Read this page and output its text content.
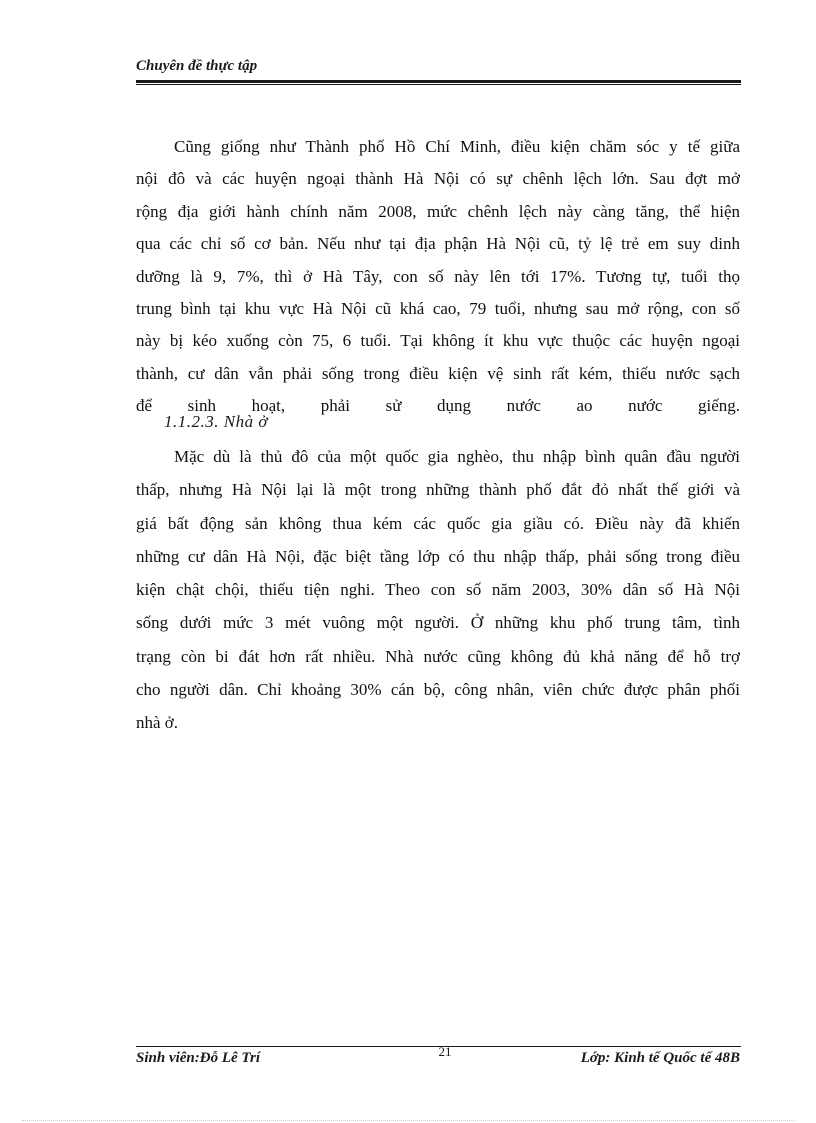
Chuyên đề thực tập
Cũng giống như Thành phố Hồ Chí Minh, điều kiện chăm sóc y tế giữa
nội đô và các huyện ngoại thành Hà Nội có sự chênh lệch lớn. Sau đợt mở
rộng địa giới hành chính năm 2008, mức chênh lệch này càng tăng, thể hiện
qua các chỉ số cơ bản. Nếu như tại địa phận Hà Nội cũ, tỷ lệ trẻ em suy dinh
dưỡng là 9, 7%, thì ở Hà Tây, con số này lên tới 17%. Tương tự, tuổi thọ
trung bình tại khu vực Hà Nội cũ khá cao, 79 tuổi, nhưng sau mở rộng, con số
này bị kéo xuống còn 75, 6 tuổi. Tại không ít khu vực thuộc các huyện ngoại
thành, cư dân vẫn phải sống trong điều kiện vệ sinh rất kém, thiếu nước sạch
để sinh hoạt, phải sử dụng nước ao nước giếng.
1.1.2.3. Nhà ở
Mặc dù là thủ đô của một quốc gia nghèo, thu nhập bình quân đầu người
thấp, nhưng Hà Nội lại là một trong những thành phố đắt đỏ nhất thế giới và
giá bất động sản không thua kém các quốc gia giầu có. Điều này đã khiến
những cư dân Hà Nội, đặc biệt tầng lớp có thu nhập thấp, phải sống trong điều
kiện chật chội, thiếu tiện nghi. Theo con số năm 2003, 30% dân số Hà Nội
sống dưới mức 3 mét vuông một người. Ở những khu phố trung tâm, tình
trạng còn bi đát hơn rất nhiều. Nhà nước cũng không đủ khả năng để hỗ trợ
cho người dân. Chỉ khoảng 30% cán bộ, công nhân, viên chức được phân phối
nhà ở.
Sinh viên:Đỗ Lê Trí	21	Lớp: Kinh tế Quốc tế 48B
